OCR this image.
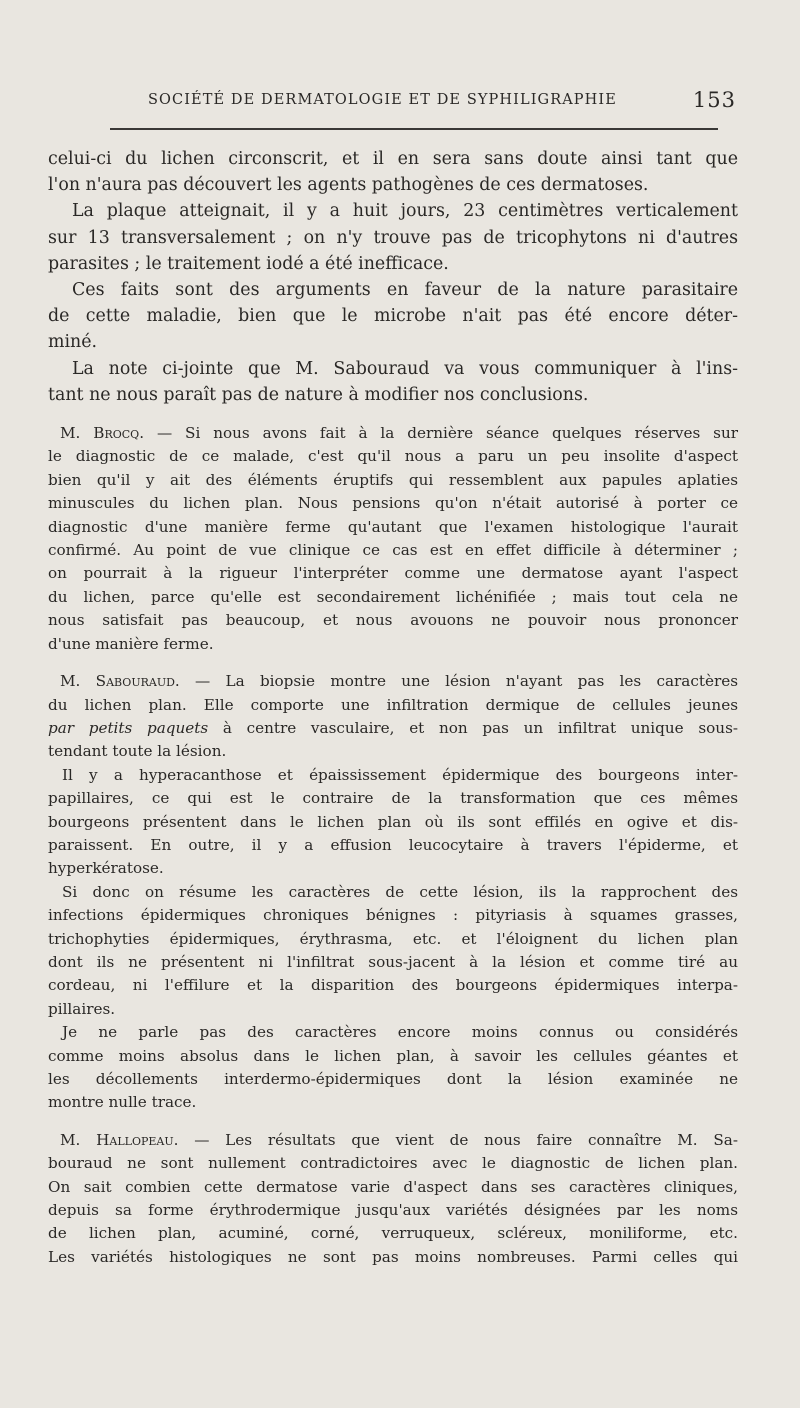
SOCIÉTÉ DE DERMATOLOGIE ET DE SYPHILIGRAPHIE	153

celui-ci du lichen circonscrit, et il en sera sans doute ainsi tant que
l'on n'aura pas découvert les agents pathogènes de ces dermatoses.

La plaque atteignait, il y a huit jours, 23 centimètres verticalement
sur 13 transversalement ; on n'y trouve pas de tricophytons ni d'autres
parasites ; le traitement iodé a été inefficace.

Ces faits sont des arguments en faveur de la nature parasitaire
de cette maladie, bien que le microbe n'ait pas été encore déter-
miné.

La note ci-jointe que M. Sabouraud va vous communiquer à l'ins-
tant ne nous paraît pas de nature à modifier nos conclusions.

M. Brocq. — Si nous avons fait à la dernière séance quelques réserves sur
le diagnostic de ce malade, c'est qu'il nous a paru un peu insolite d'aspect
bien qu'il y ait des éléments éruptifs qui ressemblent aux papules aplaties
minuscules du lichen plan. Nous pensions qu'on n'était autorisé à porter ce
diagnostic d'une manière ferme qu'autant que l'examen histologique l'aurait
confirmé. Au point de vue clinique ce cas est en effet difficile à déterminer ;
on pourrait à la rigueur l'interpréter comme une dermatose ayant l'aspect
du lichen, parce qu'elle est secondairement lichénifiée ; mais tout cela ne
nous satisfait pas beaucoup, et nous avouons ne pouvoir nous prononcer
d'une manière ferme.

M. Sabouraud. — La biopsie montre une lésion n'ayant pas les caractères
du lichen plan. Elle comporte une infiltration dermique de cellules jeunes
par petits paquets à centre vasculaire, et non pas un infiltrat unique sous-
tendant toute la lésion.

Il y a hyperacanthose et épaississement épidermique des bourgeons inter-
papillaires, ce qui est le contraire de la transformation que ces mêmes
bourgeons présentent dans le lichen plan où ils sont effilés en ogive et dis-
paraissent. En outre, il y a effusion leucocytaire à travers l'épiderme, et
hyperkératose.

Si donc on résume les caractères de cette lésion, ils la rapprochent des
infections épidermiques chroniques bénignes : pityriasis à squames grasses,
trichophyties épidermiques, érythrasma, etc. et l'éloignent du lichen plan
dont ils ne présentent ni l'infiltrat sous-jacent à la lésion et comme tiré au
cordeau, ni l'effilure et la disparition des bourgeons épidermiques interpa-
pillaires.

Je ne parle pas des caractères encore moins connus ou considérés
comme moins absolus dans le lichen plan, à savoir les cellules géantes et
les décollements interdermo-épidermiques dont la lésion examinée ne
montre nulle trace.

M. Hallopeau. — Les résultats que vient de nous faire connaître M. Sa-
bouraud ne sont nullement contradictoires avec le diagnostic de lichen plan.
On sait combien cette dermatose varie d'aspect dans ses caractères cliniques,
depuis sa forme érythrodermique jusqu'aux variétés désignées par les noms
de lichen plan, acuminé, corné, verruqueux, scléreux, moniliforme, etc.
Les variétés histologiques ne sont pas moins nombreuses. Parmi celles qui
